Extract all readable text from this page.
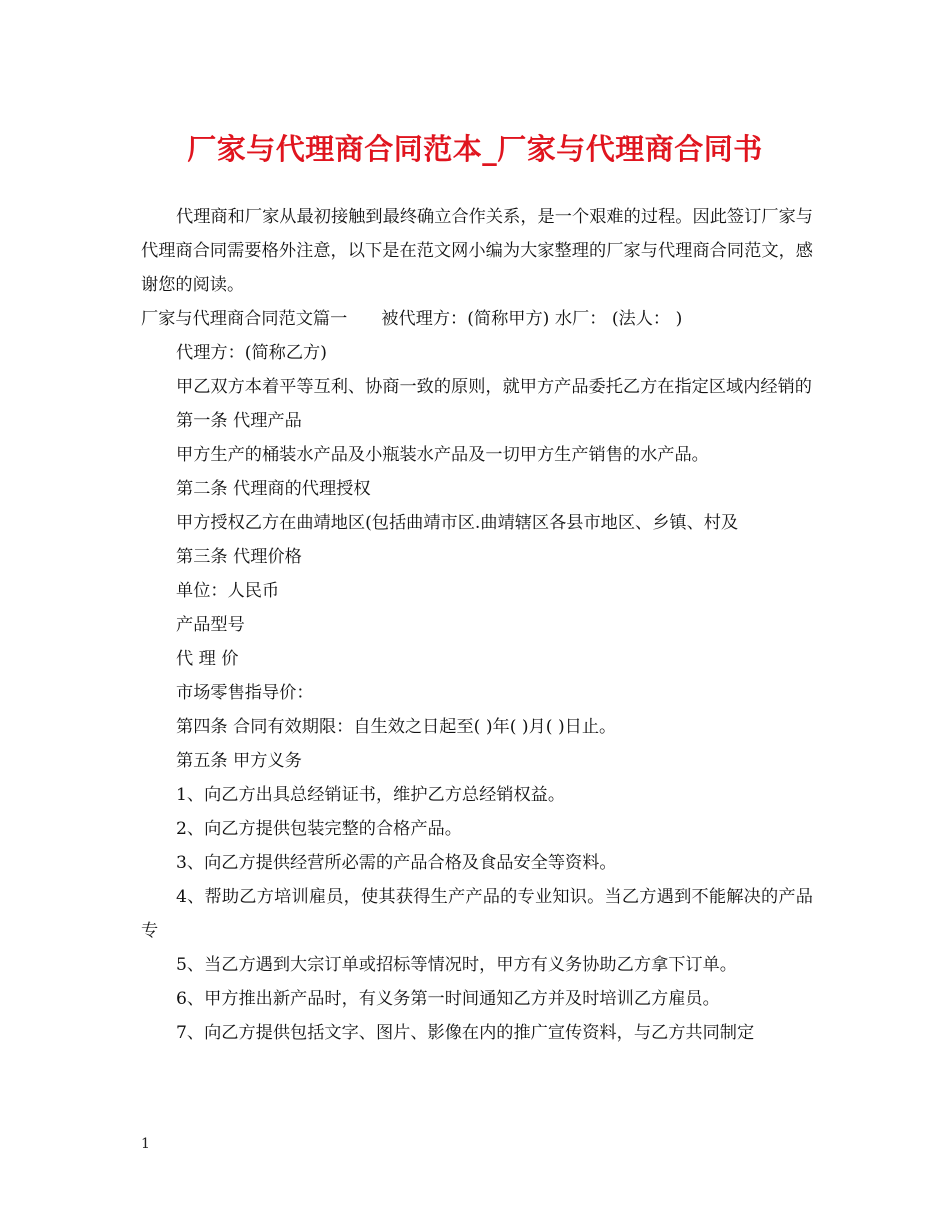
厂家与代理商合同范本_厂家与代理商合同书

代理商和厂家从最初接触到最终确立合作关系，是一个艰难的过程。因此签订厂家与代理商合同需要格外注意，以下是在范文网小编为大家整理的厂家与代理商合同范文，感谢您的阅读。

厂家与代理商合同范文篇一 被代理方：(简称甲方) 水厂： (法人： )

代理方：(简称乙方)

甲乙双方本着平等互利、协商一致的原则，就甲方产品委托乙方在指定区域内经销的

第一条 代理产品

甲方生产的桶装水产品及小瓶装水产品及一切甲方生产销售的水产品。

第二条 代理商的代理授权

甲方授权乙方在曲靖地区(包括曲靖市区.曲靖辖区各县市地区、乡镇、村及

第三条 代理价格

单位：人民币

产品型号

代 理 价

市场零售指导价：

第四条 合同有效期限：自生效之日起至( )年( )月( )日止。

第五条 甲方义务

1、向乙方出具总经销证书，维护乙方总经销权益。

2、向乙方提供包装完整的合格产品。

3、向乙方提供经营所必需的产品合格及食品安全等资料。

4、帮助乙方培训雇员，使其获得生产产品的专业知识。当乙方遇到不能解决的产品专

5、当乙方遇到大宗订单或招标等情况时，甲方有义务协助乙方拿下订单。

6、甲方推出新产品时，有义务第一时间通知乙方并及时培训乙方雇员。

7、向乙方提供包括文字、图片、影像在内的推广宣传资料，与乙方共同制定

1
